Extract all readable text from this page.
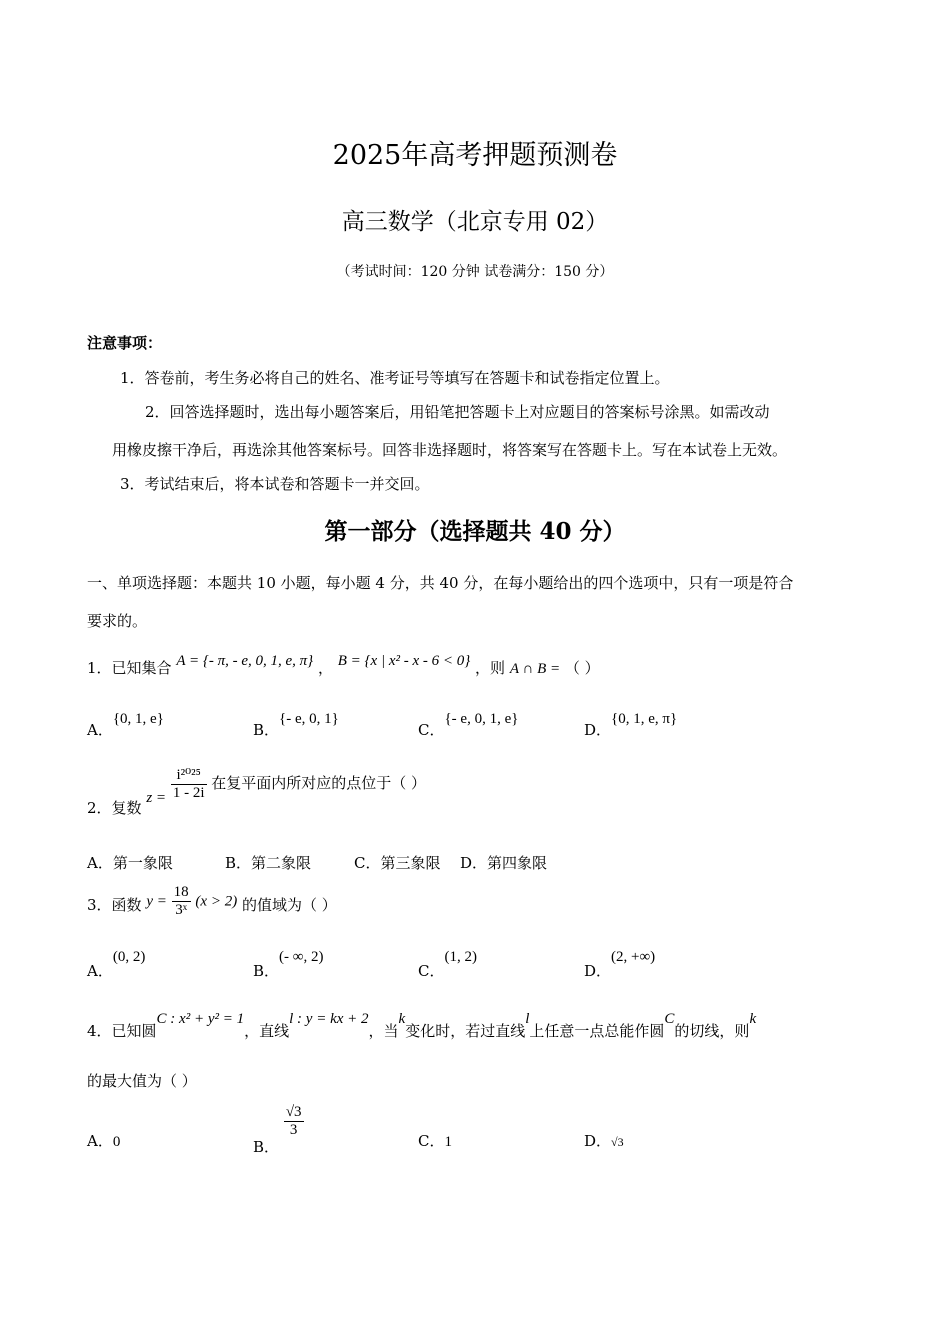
2025年高考押题预测卷
高三数学（北京专用 02）
（考试时间：120 分钟 试卷满分：150 分）
注意事项：
1．答卷前，考生务必将自己的姓名、准考证号等填写在答题卡和试卷指定位置上。
2．回答选择题时，选出每小题答案后，用铅笔把答题卡上对应题目的答案标号涂黑。如需改动
用橡皮擦干净后，再选涂其他答案标号。回答非选择题时，将答案写在答题卡上。写在本试卷上无效。
3．考试结束后，将本试卷和答题卡一并交回。
第一部分（选择题共 40 分）
一、单项选择题：本题共 10 小题，每小题 4 分，共 40 分，在每小题给出的四个选项中，只有一项是符合
要求的。
1．已知集合 A = {- π, - e, 0, 1, e, π} ， B = {x | x² - x - 6 < 0} ，则 A ∩ B = （ ）
A．{0, 1, e}
B．{- e, 0, 1}
C．{- e, 0, 1, e}
D．{0, 1, e, π}
2．复数 $z = \frac{\text{i²⁰²⁵}}{1 - 2i}$ 在复平面内所对应的点位于（ ）
A．第一象限	B．第二象限	C．第三象限 D．第四象限
3．函数 $y = \frac{18}{\text{3ˣ}} (x > 2)$ 的值域为（ ）
A．(0, 2)
B．(- ∞, 2)
C．(1, 2)
D．(2, +∞)
4．已知圆C : x² + y² = 1，直线l : y = kx + 2，当k变化时，若过直线l上任意一点总能作圆C的切线，则k
的最大值为（ ）
A．0	B．
$\frac{√3}{3}$
C．1	D．√3
